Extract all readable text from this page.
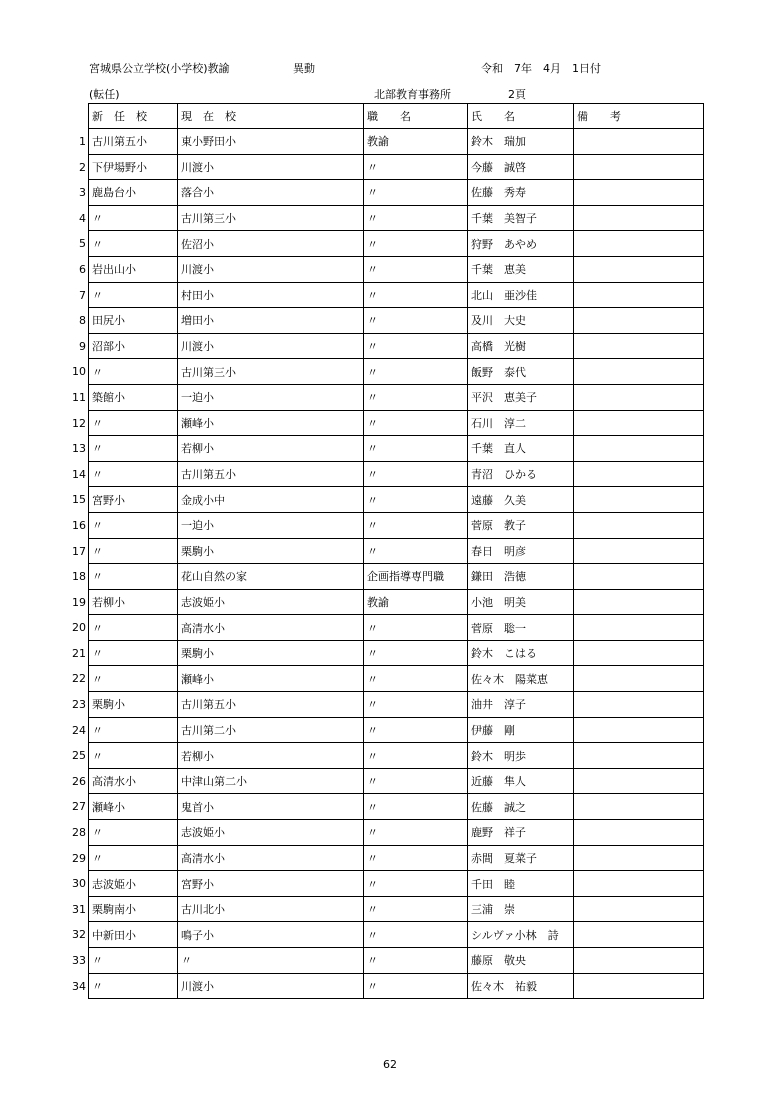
宮城県公立学校(小学校)教諭	異動	令和　7年　4月　1日付
(転任)	北部教育事務所	2頁
新　任　校	現　在　校	職　　名	氏　　名	備　　考
古川第五小	東小野田小	教諭	鈴木　瑞加	
下伊場野小	川渡小	〃	今藤　誠啓	
鹿島台小	落合小	〃	佐藤　秀寿	
〃	古川第三小	〃	千葉　美智子	
〃	佐沼小	〃	狩野　あやめ	
岩出山小	川渡小	〃	千葉　恵美	
〃	村田小	〃	北山　亜沙佳	
田尻小	増田小	〃	及川　大史	
沼部小	川渡小	〃	高橋　光樹	
〃	古川第三小	〃	飯野　泰代	
築館小	一迫小	〃	平沢　恵美子	
〃	瀬峰小	〃	石川　淳二	
〃	若柳小	〃	千葉　直人	
〃	古川第五小	〃	青沼　ひかる	
宮野小	金成小中	〃	遠藤　久美	
〃	一迫小	〃	菅原　教子	
〃	栗駒小	〃	春日　明彦	
〃	花山自然の家	企画指導専門職	鎌田　浩徳	
若柳小	志波姫小	教諭	小池　明美	
〃	高清水小	〃	菅原　聡一	
〃	栗駒小	〃	鈴木　こはる	
〃	瀬峰小	〃	佐々木　陽菜恵	
栗駒小	古川第五小	〃	油井　淳子	
〃	古川第二小	〃	伊藤　剛	
〃	若柳小	〃	鈴木　明歩	
高清水小	中津山第二小	〃	近藤　隼人	
瀬峰小	鬼首小	〃	佐藤　誠之	
〃	志波姫小	〃	鹿野　祥子	
〃	高清水小	〃	赤間　夏菜子	
志波姫小	宮野小	〃	千田　睦	
栗駒南小	古川北小	〃	三浦　崇	
中新田小	鳴子小	〃	シルヴァ小林　詩	
〃	〃	〃	藤原　敬央	
〃	川渡小	〃	佐々木　祐毅	
1
2
3
4
5
6
7
8
9
10
11
12
13
14
15
16
17
18
19
20
21
22
23
24
25
26
27
28
29
30
31
32
33
34
62
